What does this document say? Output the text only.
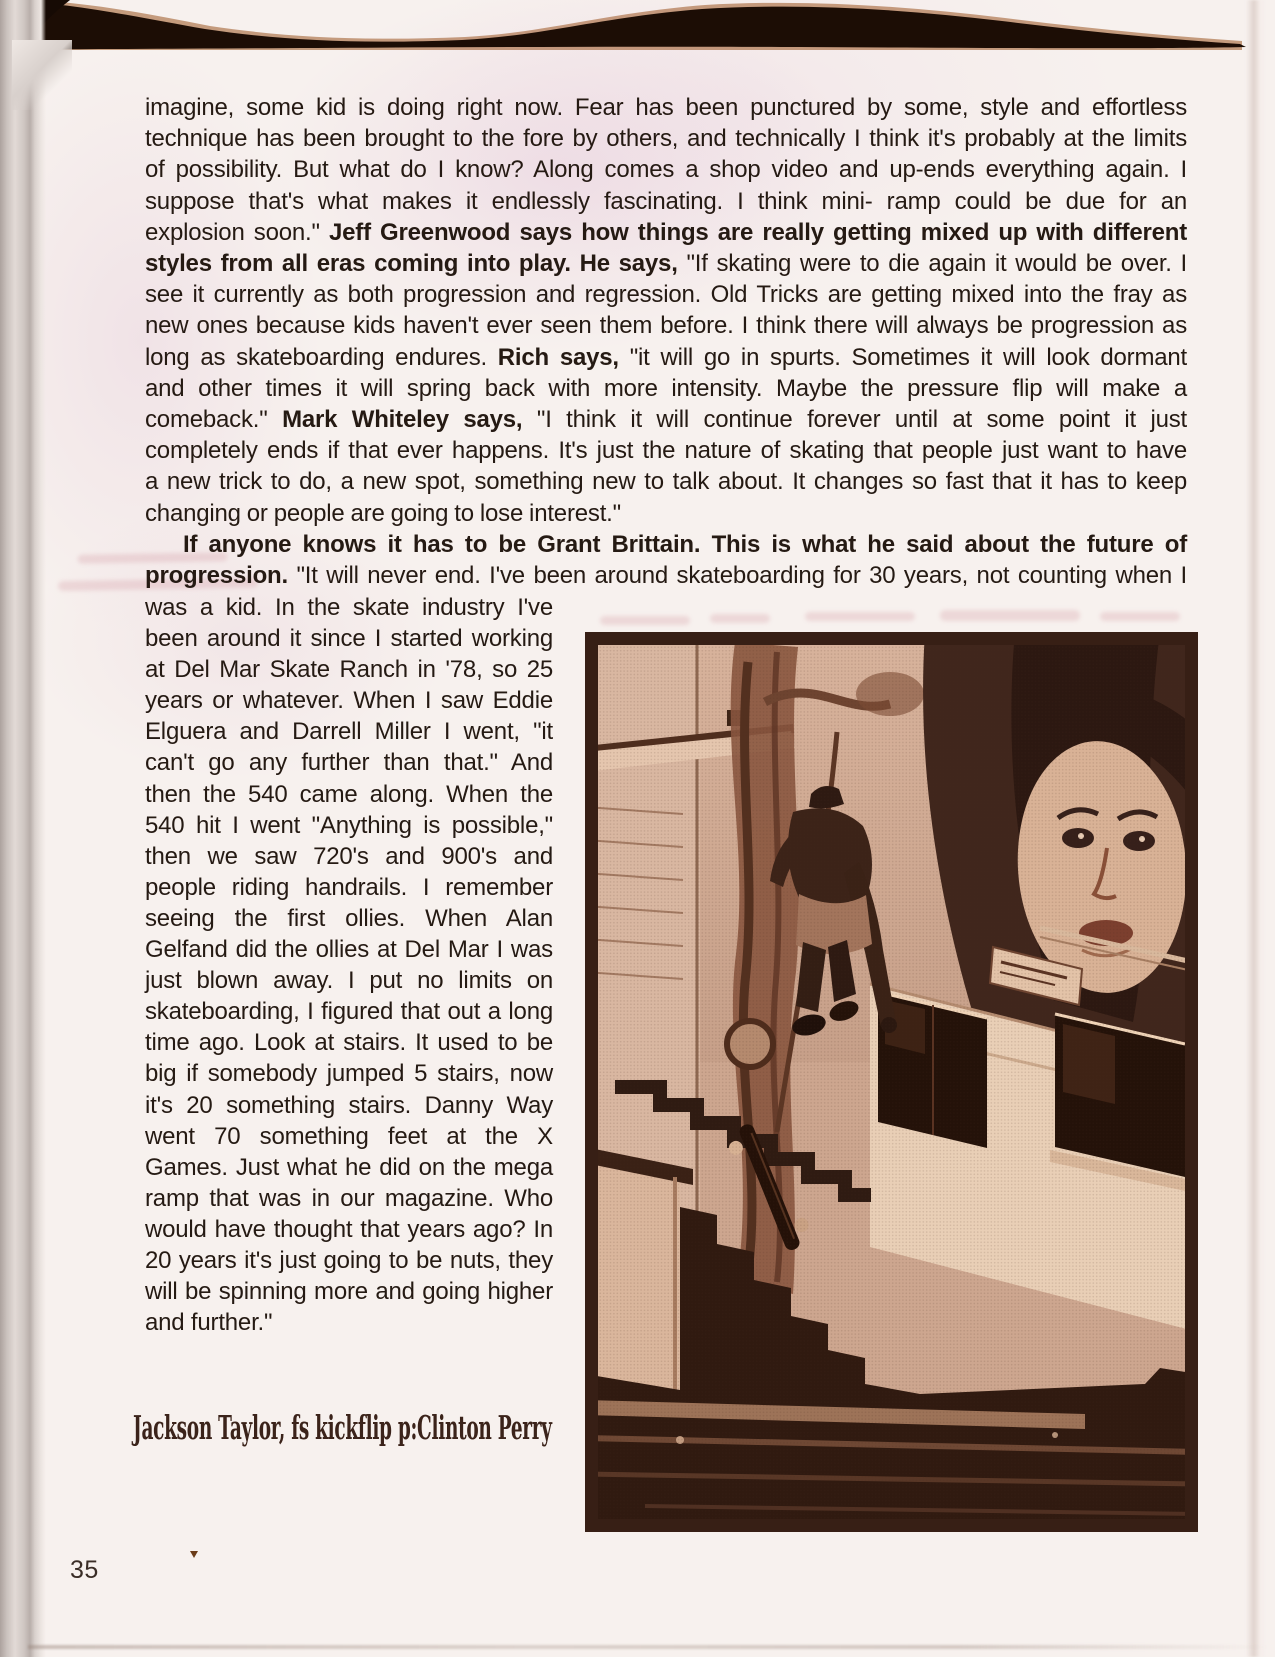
imagine, some kid is doing right now. Fear has been punctured by some, style and effortless
technique has been brought to the fore by others, and technically I think it's probably at the limits
of possibility. But what do I know? Along comes a shop video and up-ends everything again. I
suppose that's what makes it endlessly fascinating. I think mini- ramp could be due for an
explosion soon." Jeff Greenwood says how things are really getting mixed up with different
styles from all eras coming into play. He says, "If skating were to die again it would be over. I
see it currently as both progression and regression. Old Tricks are getting mixed into the fray as
new ones because kids haven't ever seen them before. I think there will always be progression as
long as skateboarding endures. Rich says, "it will go in spurts. Sometimes it will look dormant
and other times it will spring back with more intensity. Maybe the pressure flip will make a
comeback." Mark Whiteley says, "I think it will continue forever until at some point it just
completely ends if that ever happens. It's just the nature of skating that people just want to have
a new trick to do, a new spot, something new to talk about. It changes so fast that it has to keep
changing or people are going to lose interest."
If anyone knows it has to be Grant Brittain. This is what he said about the future of
progression. "It will never end. I've been around skateboarding for 30 years, not counting when I
was a kid. In the skate industry I've
been around it since I started working
at Del Mar Skate Ranch in '78, so 25
years or whatever. When I saw Eddie
Elguera and Darrell Miller I went, "it
can't go any further than that." And
then the 540 came along. When the
540 hit I went "Anything is possible,"
then we saw 720's and 900's and
people riding handrails. I remember
seeing the first ollies. When Alan
Gelfand did the ollies at Del Mar I was
just blown away. I put no limits on
skateboarding, I figured that out a long
time ago. Look at stairs. It used to be
big if somebody jumped 5 stairs, now
it's 20 something stairs. Danny Way
went 70 something feet at the X
Games. Just what he did on the mega
ramp that was in our magazine. Who
would have thought that years ago? In
20 years it's just going to be nuts, they
will be spinning more and going higher
and further."
Jackson Taylor, fs kickflip p:Clinton Perry
35
